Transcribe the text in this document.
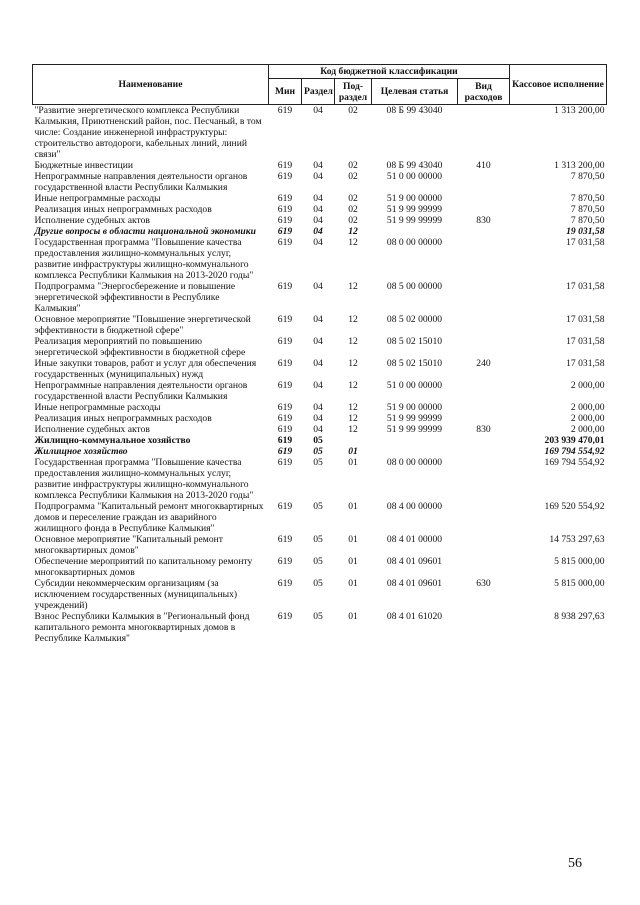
Наименование	Код бюджетной классификации					Кассовое исполнение
	Мин	Раздел	Под-раздел	Целевая статья	Вид расходов	
"Развитие энергетического комплекса Республики Калмыкия, Приютненский район, пос. Песчаный, в том числе: Создание инженерной инфраструктуры: строительство автодороги, кабельных линий, линий связи"	619	04	02	08 Б 99 43040		1 313 200,00
Бюджетные инвестиции	619	04	02	08 Б 99 43040	410	1 313 200,00
Непрограммные направления деятельности органов государственной власти Республики Калмыкия	619	04	02	51 0 00 00000		7 870,50
Иные непрограммные расходы	619	04	02	51 9 00 00000		7 870,50
Реализация иных непрограммных расходов	619	04	02	51 9 99 99999		7 870,50
Исполнение судебных актов	619	04	02	51 9 99 99999	830	7 870,50
Другие вопросы в области национальной экономики	619	04	12			19 031,58
Государственная программа "Повышение качества предоставления жилищно-коммунальных услуг, развитие инфраструктуры жилищно-коммунального комплекса Республики Калмыкия на 2013-2020 годы"	619	04	12	08 0 00 00000		17 031,58
Подпрограмма "Энергосбережение и повышение энергетической эффективности в Республике Калмыкия"	619	04	12	08 5 00 00000		17 031,58
Основное мероприятие "Повышение энергетической эффективности в бюджетной сфере"	619	04	12	08 5 02 00000		17 031,58
Реализация мероприятий по повышению энергетической эффективности в бюджетной сфере	619	04	12	08 5 02 15010		17 031,58
Иные закупки товаров, работ и услуг для обеспечения государственных (муниципальных) нужд	619	04	12	08 5 02 15010	240	17 031,58
Непрограммные направления деятельности органов государственной власти Республики Калмыкия	619	04	12	51 0 00 00000		2 000,00
Иные непрограммные расходы	619	04	12	51 9 00 00000		2 000,00
Реализация иных непрограммных расходов	619	04	12	51 9 99 99999		2 000,00
Исполнение судебных актов	619	04	12	51 9 99 99999	830	2 000,00
Жилищно-коммунальное хозяйство	619	05				203 939 470,01
Жилищное хозяйство	619	05	01			169 794 554,92
Государственная программа "Повышение качества предоставления жилищно-коммунальных услуг, развитие инфраструктуры жилищно-коммунального комплекса Республики Калмыкия на 2013-2020 годы"	619	05	01	08 0 00 00000		169 794 554,92
Подпрограмма "Капитальный ремонт многоквартирных домов и переселение граждан из аварийного жилищного фонда в Республике Калмыкия"	619	05	01	08 4 00 00000		169 520 554,92
Основное мероприятие "Капитальный ремонт многоквартирных домов"	619	05	01	08 4 01 00000		14 753 297,63
Обеспечение мероприятий по капитальному ремонту многоквартирных домов	619	05	01	08 4 01 09601		5 815 000,00
Субсидии некоммерческим организациям (за исключением государственных (муниципальных) учреждений)	619	05	01	08 4 01 09601	630	5 815 000,00
Взнос Республики Калмыкия в "Региональный фонд капитального ремонта многоквартирных домов в Республике Калмыкия"	619	05	01	08 4 01 61020		8 938 297,63
56
